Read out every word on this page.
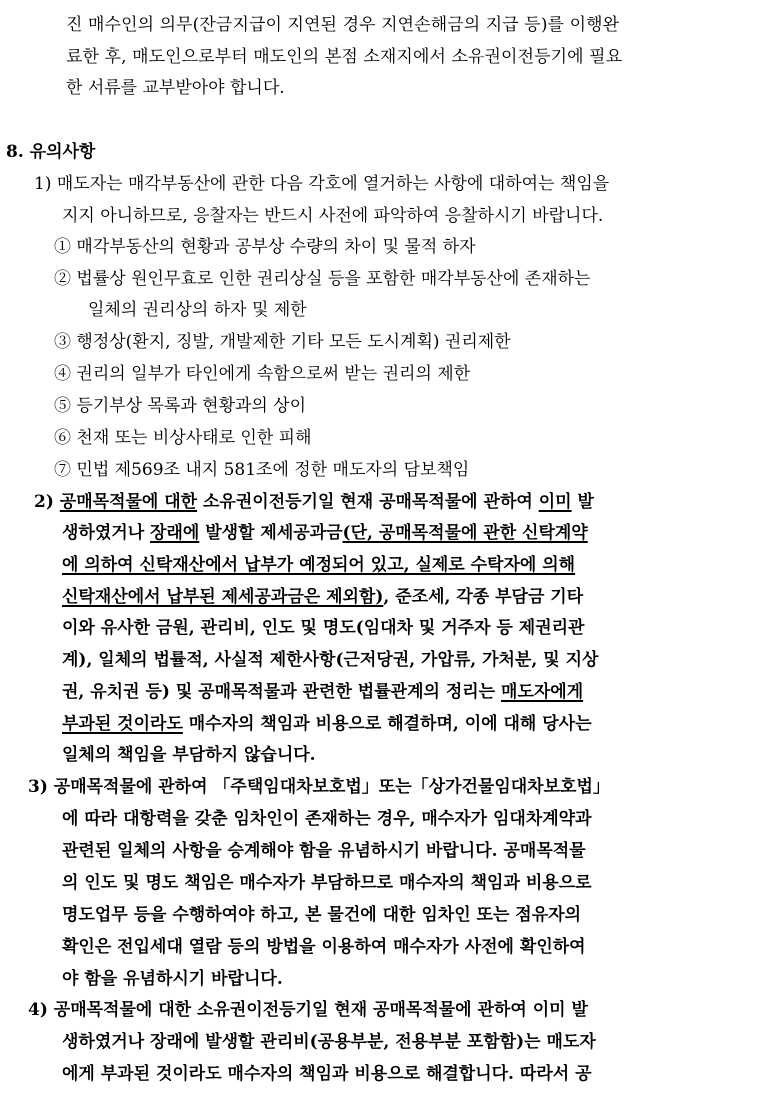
진 매수인의 의무(잔금지급이 지연된 경우 지연손해금의 지급 등)를 이행완
료한 후, 매도인으로부터 매도인의 본점 소재지에서 소유권이전등기에 필요
한 서류를 교부받아야 합니다.
8. 유의사항
1) 매도자는 매각부동산에 관한 다음 각호에 열거하는 사항에 대하여는 책임을
지지 아니하므로, 응찰자는 반드시 사전에 파악하여 응찰하시기 바랍니다.
① 매각부동산의 현황과 공부상 수량의 차이 및 물적 하자
② 법률상 원인무효로 인한 권리상실 등을 포함한 매각부동산에 존재하는
일체의 권리상의 하자 및 제한
③ 행정상(환지, 징발, 개발제한 기타 모든 도시계획) 권리제한
④ 권리의 일부가 타인에게 속함으로써 받는 권리의 제한
⑤ 등기부상 목록과 현황과의 상이
⑥ 천재 또는 비상사태로 인한 피해
⑦ 민법 제569조 내지 581조에 정한 매도자의 담보책임
2) 공매목적물에 대한 소유권이전등기일 현재 공매목적물에 관하여 이미 발
생하였거나 장래에 발생할 제세공과금(단, 공매목적물에 관한 신탁계약
에 의하여 신탁재산에서 납부가 예정되어 있고, 실제로 수탁자에 의해
신탁재산에서 납부된 제세공과금은 제외함), 준조세, 각종 부담금 기타
이와 유사한 금원, 관리비, 인도 및 명도(임대차 및 거주자 등 제권리관
계), 일체의 법률적, 사실적 제한사항(근저당권, 가압류, 가처분, 및 지상
권, 유치권 등) 및 공매목적물과 관련한 법률관계의 정리는 매도자에게
부과된 것이라도 매수자의 책임과 비용으로 해결하며, 이에 대해 당사는
일체의 책임을 부담하지 않습니다.
3) 공매목적물에 관하여 「주택임대차보호법」또는「상가건물임대차보호법」
에 따라 대항력을 갖춘 임차인이 존재하는 경우, 매수자가 임대차계약과
관련된 일체의 사항을 승계해야 함을 유념하시기 바랍니다. 공매목적물
의 인도 및 명도 책임은 매수자가 부담하므로 매수자의 책임과 비용으로
명도업무 등을 수행하여야 하고, 본 물건에 대한 임차인 또는 점유자의
확인은 전입세대 열람 등의 방법을 이용하여 매수자가 사전에 확인하여
야 함을 유념하시기 바랍니다.
4) 공매목적물에 대한 소유권이전등기일 현재 공매목적물에 관하여 이미 발
생하였거나 장래에 발생할 관리비(공용부분, 전용부분 포함함)는 매도자
에게 부과된 것이라도 매수자의 책임과 비용으로 해결합니다. 따라서 공
